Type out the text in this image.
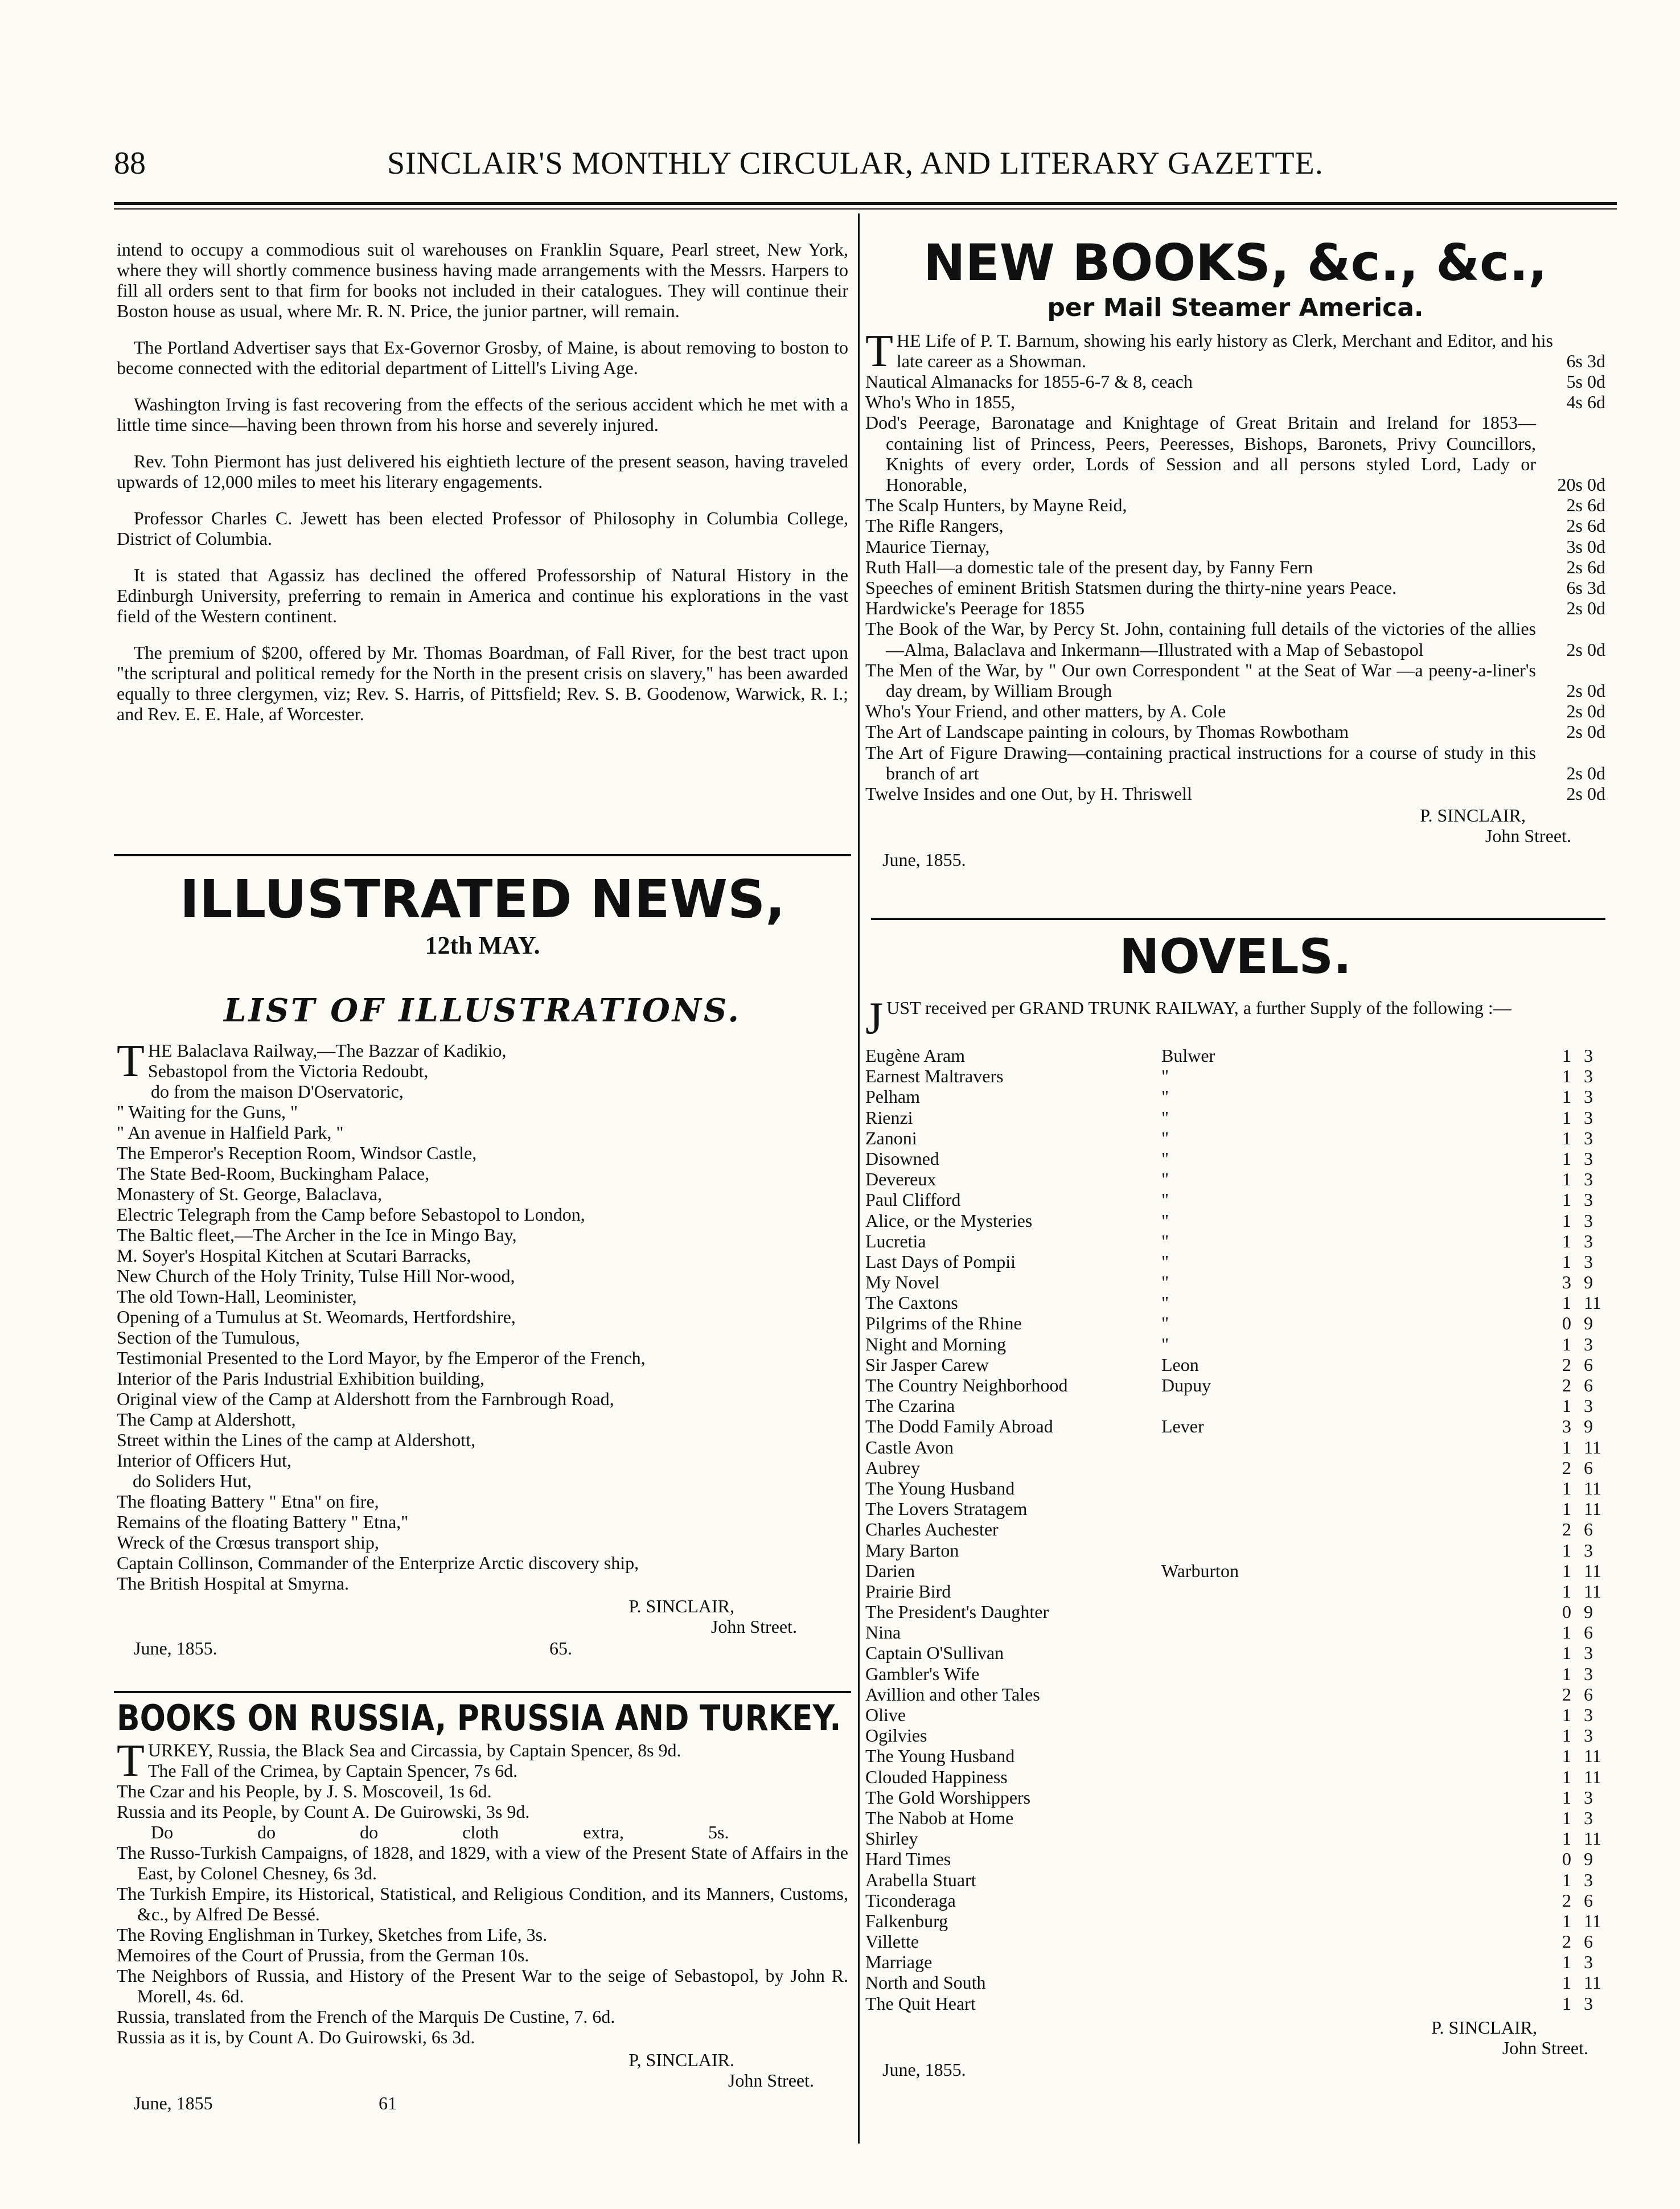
88	SINCLAIR'S MONTHLY CIRCULAR, AND LITERARY GAZETTE.

intend to occupy a commodious suit ol warehouses on Franklin Square, Pearl street, New York, where they will shortly commence business having made arrangements with the Messrs. Harpers to fill all orders sent to that firm for books not included in their catalogues. They will continue their Boston house as usual, where Mr. R. N. Price, the junior partner, will remain.

The Portland Advertiser says that Ex-Governor Grosby, of Maine, is about removing to boston to become connected with the editorial department of Littell's Living Age.

Washington Irving is fast recovering from the effects of the serious accident which he met with a little time since—having been thrown from his horse and severely injured.

Rev. Tohn Piermont has just delivered his eightieth lecture of the present season, having traveled upwards of 12,000 miles to meet his literary engagements.

Professor Charles C. Jewett has been elected Professor of Philosophy in Columbia College, District of Columbia.

It is stated that Agassiz has declined the offered Professorship of Natural History in the Edinburgh University, preferring to remain in America and continue his explorations in the vast field of the Western continent.

The premium of $200, offered by Mr. Thomas Boardman, of Fall River, for the best tract upon "the scriptural and political remedy for the North in the present crisis on slavery," has been awarded equally to three clergymen, viz; Rev. S. Harris, of Pittsfield; Rev. S. B. Goodenow, Warwick, R. I.; and Rev. E. E. Hale, af Worcester.

ILLUSTRATED NEWS,
12th MAY.
LIST OF ILLUSTRATIONS.
THE Balaclava Railway,—The Bazzar of Kadikio,
Sebastopol from the Victoria Redoubt,
do from the maison D'Oservatoric,
" Waiting for the Guns, "
" An avenue in Halfield Park, "
The Emperor's Reception Room, Windsor Castle,
The State Bed-Room, Buckingham Palace,
Monastery of St. George, Balaclava,
Electric Telegraph from the Camp before Sebastopol to London,
The Baltic fleet,—The Archer in the Ice in Mingo Bay,
M. Soyer's Hospital Kitchen at Scutari Barracks,
New Church of the Holy Trinity, Tulse Hill Nor-wood,
The old Town-Hall, Leominister,
Opening of a Tumulus at St. Weomards, Hertfordshire,
Section of the Tumulous,
Testimonial Presented to the Lord Mayor, by fhe Emperor of the French,
Interior of the Paris Industrial Exhibition building,
Original view of the Camp at Aldershott from the Farnbrough Road,
The Camp at Aldershott,
Street within the Lines of the camp at Aldershott,
Interior of Officers Hut,
do Soliders Hut,
The floating Battery " Etna" on fire,
Remains of the floating Battery " Etna,"
Wreck of the Crœsus transport ship,
Captain Collinson, Commander of the Enterprize Arctic discovery ship,
The British Hospital at Smyrna.
P. SINCLAIR,
John Street.
June, 1855.	65.
BOOKS ON RUSSIA, PRUSSIA AND TURKEY.
TURKEY, Russia, the Black Sea and Circassia, by Captain Spencer, 8s 9d.
The Fall of the Crimea, by Captain Spencer, 7s 6d.
The Czar and his People, by J. S. Moscoveil, 1s 6d.
Russia and its People, by Count A. De Guirowski, 3s 9d.
Do do do cloth extra, 5s.
The Russo-Turkish Campaigns, of 1828, and 1829, with a view of the Present State of Affairs in the East, by Colonel Chesney, 6s 3d.
The Turkish Empire, its Historical, Statistical, and Religious Condition, and its Manners, Customs, &c., by Alfred De Bessé.
The Roving Englishman in Turkey, Sketches from Life, 3s.
Memoires of the Court of Prussia, from the German 10s.
The Neighbors of Russia, and History of the Present War to the seige of Sebastopol, by John R. Morell, 4s. 6d.
Russia, translated from the French of the Marquis De Custine, 7. 6d.
Russia as it is, by Count A. Do Guirowski, 6s 3d.
P, SINCLAIR.
John Street.
June, 1855	61
NEW BOOKS, &c., &c.,
per Mail Steamer America.
THE Life of P. T. Barnum, showing his early history as Clerk, Merchant and Editor, and his late career as a Showman.	6s 3d
Nautical Almanacks for 1855-6-7 & 8, ceach	5s 0d
Who's Who in 1855,	4s 6d
Dod's Peerage, Baronatage and Knightage of Great Britain and Ireland for 1853—containing list of Princess, Peers, Peeresses, Bishops, Baronets, Privy Councillors, Knights of every order, Lords of Session and all persons styled Lord, Lady or Honorable,	20s 0d
The Scalp Hunters, by Mayne Reid,	2s 6d
The Rifle Rangers,	2s 6d
Maurice Tiernay,	3s 0d
Ruth Hall—a domestic tale of the present day, by Fanny Fern	2s 6d
Speeches of eminent British Statsmen during the thirty-nine years Peace.	6s 3d
Hardwicke's Peerage for 1855	2s 0d
The Book of the War, by Percy St. John, containing full details of the victories of the allies—Alma, Balaclava and Inkermann—Illustrated with a Map of Sebastopol	2s 0d
The Men of the War, by " Our own Correspondent " at the Seat of War —a peeny-a-liner's day dream, by William Brough	2s 0d
Who's Your Friend, and other matters, by A. Cole	2s 0d
The Art of Landscape painting in colours, by Thomas Rowbotham	2s 0d
The Art of Figure Drawing—containing practical instructions for a course of study in this branch of art	2s 0d
Twelve Insides and one Out, by H. Thriswell	2s 0d
P. SINCLAIR,
John Street.
June, 1855.
NOVELS.
JUST received per GRAND TRUNK RAILWAY, a further Supply of the following :—
Eugène Aram	Bulwer	1 3
Earnest Maltravers	"	1 3
Pelham	"	1 3
Rienzi	"	1 3
Zanoni	"	1 3
Disowned	"	1 3
Devereux	"	1 3
Paul Clifford	"	1 3
Alice, or the Mysteries	"	1 3
Lucretia	"	1 3
Last Days of Pompii	"	1 3
My Novel	"	3 9
The Caxtons	"	1 11
Pilgrims of the Rhine	"	0 9
Night and Morning	"	1 3
Sir Jasper Carew	Leon	2 6
The Country Neighborhood	Dupuy	2 6
The Czarina	1 3
The Dodd Family Abroad	Lever	3 9
Castle Avon	1 11
Aubrey	2 6
The Young Husband	1 11
The Lovers Stratagem	1 11
Charles Auchester	2 6
Mary Barton	1 3
Darien	Warburton	1 11
Prairie Bird	1 11
The President's Daughter	0 9
Nina	1 6
Captain O'Sullivan	1 3
Gambler's Wife	1 3
Avillion and other Tales	2 6
Olive	1 3
Ogilvies	1 3
The Young Husband	1 11
Clouded Happiness	1 11
The Gold Worshippers	1 3
The Nabob at Home	1 3
Shirley	1 11
Hard Times	0 9
Arabella Stuart	1 3
Ticonderaga	2 6
Falkenburg	1 11
Villette	2 6
Marriage	1 3
North and South	1 11
The Quit Heart	1 3
P. SINCLAIR,
John Street.
June, 1855.
